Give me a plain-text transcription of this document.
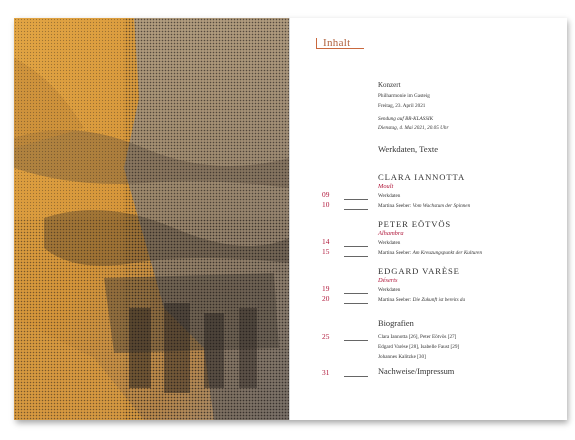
Inhalt
Konzert
Philharmonie im Gasteig
Freitag, 23. April 2021
Sendung auf BR-KLASSIK
Dienstag, 4. Mai 2021, 20.05 Uhr
Werkdaten, Texte
CLARA IANNOTTA
Moult
09	Werkdaten
10	Martina Seeber: Vom Wachstum der Spinnen
PETER EÖTVÖS
Alhambra
14	Werkdaten
15	Martina Seeber: Am Kreuzungspunkt der Kulturen
EDGARD VARÈSE
Déserts
19	Werkdaten
20	Martina Seeber: Die Zukunft ist bereits da
Biografien
25	Clara Iannotta [26], Peter Eötvös [27]
Edgard Varèse [28], Isabelle Faust [29]
Johannes Kalitzke [30]
31	Nachweise/Impressum
